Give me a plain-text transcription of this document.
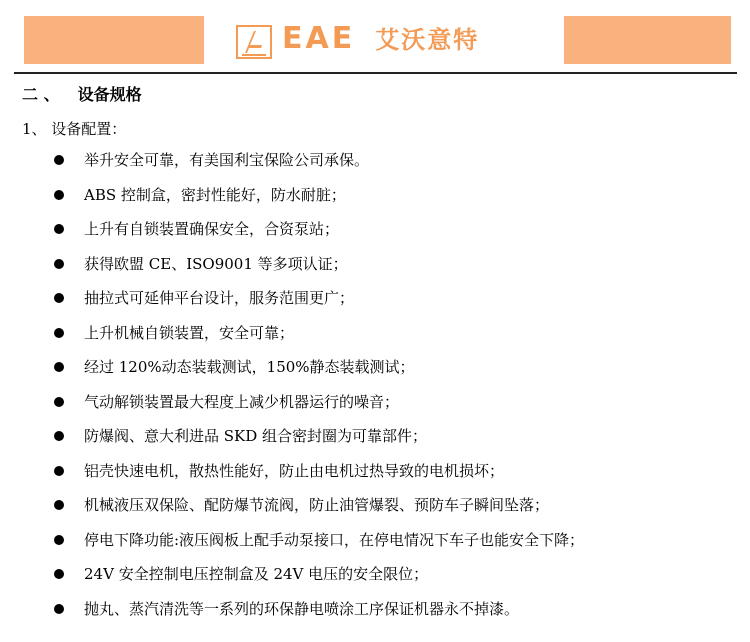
EAE 艾沃意特
二 、 设备规格
1、 设备配置：
举升安全可靠，有美国利宝保险公司承保。
ABS 控制盒，密封性能好，防水耐脏；
上升有自锁装置确保安全，合资泵站；
获得欧盟 CE、ISO9001 等多项认证；
抽拉式可延伸平台设计，服务范围更广；
上升机械自锁装置，安全可靠；
经过 120%动态装载测试，150%静态装载测试；
气动解锁装置最大程度上减少机器运行的噪音；
防爆阀、意大利进品 SKD 组合密封圈为可靠部件；
铝壳快速电机，散热性能好，防止由电机过热导致的电机损坏；
机械液压双保险、配防爆节流阀，防止油管爆裂、预防车子瞬间坠落；
停电下降功能:液压阀板上配手动泵接口，在停电情况下车子也能安全下降；
24V 安全控制电压控制盒及 24V 电压的安全限位；
抛丸、蒸汽清洗等一系列的环保静电喷涂工序保证机器永不掉漆。
